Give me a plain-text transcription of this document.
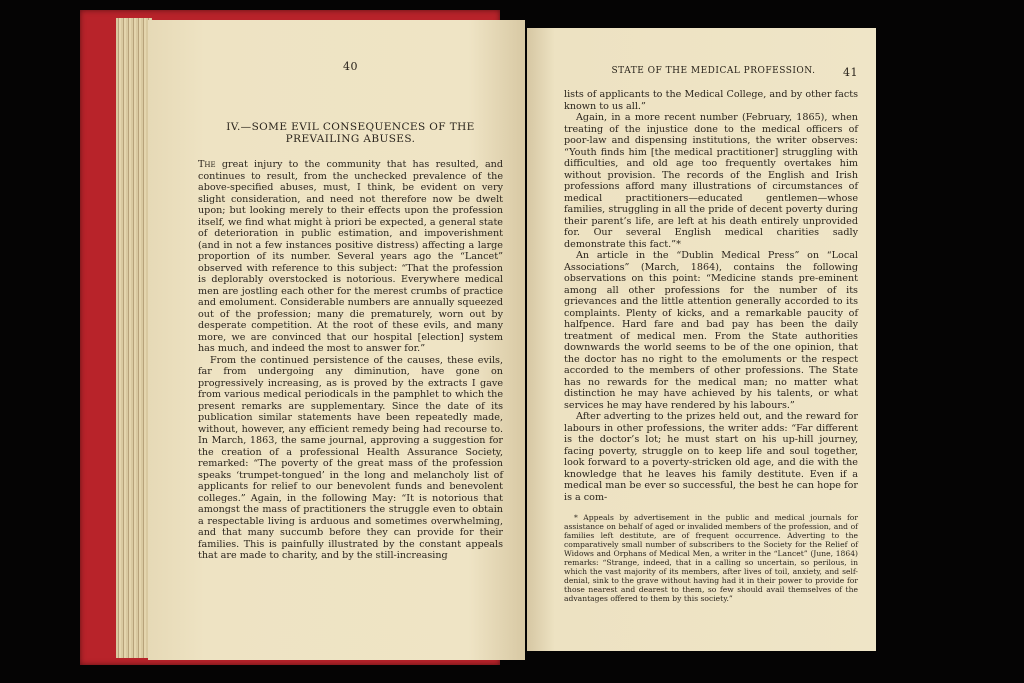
40
IV.—SOME EVIL CONSEQUENCES OF THE PREVAILING ABUSES.

The great injury to the community that has resulted, and continues to result, from the unchecked prevalence of the above-specified abuses, must, I think, be evident on very slight consideration, and need not therefore now be dwelt upon; but looking merely to their effects upon the profession itself, we find what might à priori be expected, a general state of deterioration in public estimation, and impoverishment (and in not a few instances positive distress) affecting a large proportion of its number. Several years ago the “Lancet” observed with reference to this subject: “That the profession is deplorably overstocked is notorious. Everywhere medical men are jostling each other for the merest crumbs of practice and emolument. Considerable numbers are annually squeezed out of the profession; many die prematurely, worn out by desperate competition. At the root of these evils, and many more, we are convinced that our hospital [election] system has much, and indeed the most to answer for.”

From the continued persistence of the causes, these evils, far from undergoing any diminution, have gone on progressively increasing, as is proved by the extracts I gave from various medical periodicals in the pamphlet to which the present remarks are supplementary. Since the date of its publication similar statements have been repeatedly made, without, however, any efficient remedy being had recourse to. In March, 1863, the same journal, approving a suggestion for the creation of a professional Health Assurance Society, remarked: “The poverty of the great mass of the profession speaks ‘trumpet-tongued’ in the long and melancholy list of applicants for relief to our benevolent funds and benevolent colleges.” Again, in the following May: “It is notorious that amongst the mass of practitioners the struggle even to obtain a respectable living is arduous and sometimes overwhelming, and that many succumb before they can provide for their families. This is painfully illustrated by the constant appeals that are made to charity, and by the still-increasing

STATE OF THE MEDICAL PROFESSION.	41

lists of applicants to the Medical College, and by other facts known to us all.”

Again, in a more recent number (February, 1865), when treating of the injustice done to the medical officers of poor-law and dispensing institutions, the writer observes: “Youth finds him [the medical practitioner] struggling with difficulties, and old age too frequently overtakes him without provision. The records of the English and Irish professions afford many illustrations of circumstances of medical practitioners—educated gentlemen—whose families, struggling in all the pride of decent poverty during their parent’s life, are left at his death entirely unprovided for. Our several English medical charities sadly demonstrate this fact.”*

An article in the “Dublin Medical Press” on “Local Associations” (March, 1864), contains the following observations on this point: “Medicine stands pre-eminent among all other professions for the number of its grievances and the little attention generally accorded to its complaints. Plenty of kicks, and a remarkable paucity of halfpence. Hard fare and bad pay has been the daily treatment of medical men. From the State authorities downwards the world seems to be of the one opinion, that the doctor has no right to the emoluments or the respect accorded to the members of other professions. The State has no rewards for the medical man; no matter what distinction he may have achieved by his talents, or what services he may have rendered by his labours.”

After adverting to the prizes held out, and the reward for labours in other professions, the writer adds: “Far different is the doctor’s lot; he must start on his up-hill journey, facing poverty, struggle on to keep life and soul together, look forward to a poverty-stricken old age, and die with the knowledge that he leaves his family destitute. Even if a medical man be ever so successful, the best he can hope for is a com-

* Appeals by advertisement in the public and medical journals for assistance on behalf of aged or invalided members of the profession, and of families left destitute, are of frequent occurrence. Adverting to the comparatively small number of subscribers to the Society for the Relief of Widows and Orphans of Medical Men, a writer in the “Lancet” (June, 1864) remarks: “Strange, indeed, that in a calling so uncertain, so perilous, in which the vast majority of its members, after lives of toil, anxiety, and self-denial, sink to the grave without having had it in their power to provide for those nearest and dearest to them, so few should avail themselves of the advantages offered to them by this society.”
